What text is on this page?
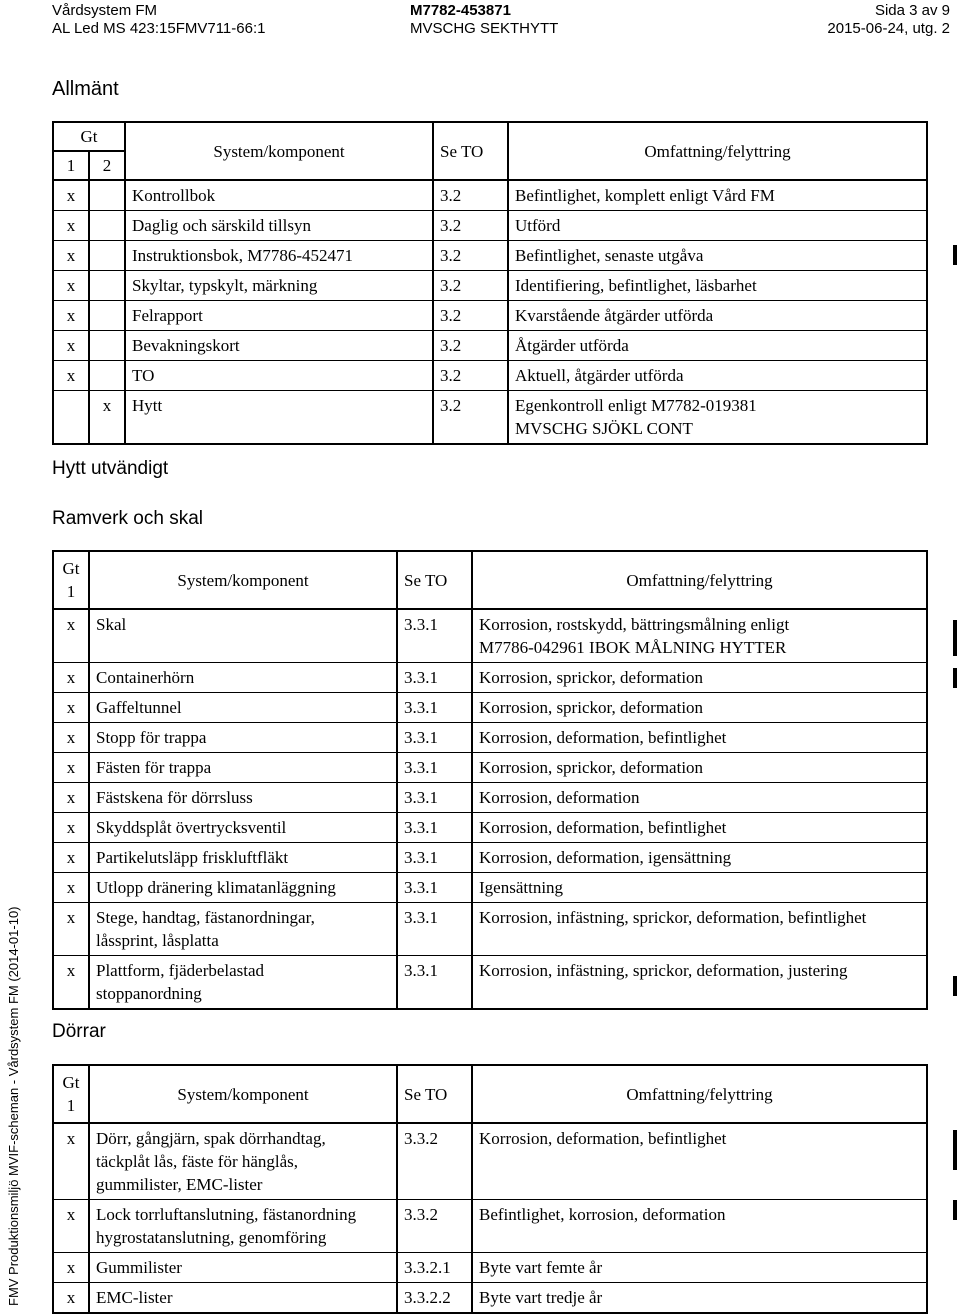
Vårdsystem FM
AL Led MS 423:15FMV711-66:1
M7782-453871
MVSCHG SEKTHYTT
Sida 3 av 9
2015-06-24, utg. 2
Allmänt
Gt		System/komponent	Se TO	Omfattning/felyttring
1	2			
x		Kontrollbok	3.2	Befintlighet, komplett enligt Vård FM
x		Daglig och särskild tillsyn	3.2	Utförd
x		Instruktionsbok, M7786-452471	3.2	Befintlighet, senaste utgåva
x		Skyltar, typskylt, märkning	3.2	Identifiering, befintlighet, läsbarhet
x		Felrapport	3.2	Kvarstående åtgärder utförda
x		Bevakningskort	3.2	Åtgärder utförda
x		TO	3.2	Aktuell, åtgärder utförda
	x	Hytt	3.2	Egenkontroll enligt M7782-019381
MVSCHG SJÖKL CONT
Hytt utvändigt
Ramverk och skal
Gt
1	System/komponent	Se TO	Omfattning/felyttring
x	Skal	3.3.1	Korrosion, rostskydd, bättringsmålning enligt
M7786-042961 IBOK MÅLNING HYTTER

x	Containerhörn	3.3.1	Korrosion, sprickor, deformation
x	Gaffeltunnel	3.3.1	Korrosion, sprickor, deformation
x	Stopp för trappa	3.3.1	Korrosion, deformation, befintlighet
x	Fästen för trappa	3.3.1	Korrosion, sprickor, deformation
x	Fästskena för dörrsluss	3.3.1	Korrosion, deformation
x	Skyddsplåt övertrycksventil	3.3.1	Korrosion, deformation, befintlighet
x	Partikelutsläpp friskluftfläkt	3.3.1	Korrosion, deformation, igensättning
x	Utlopp dränering klimatanläggning	3.3.1	Igensättning
x	Stege, handtag, fästanordningar,
låssprint, låsplatta	3.3.1	Korrosion, infästning, sprickor, deformation, befintlighet
x	Plattform, fjäderbelastad
stoppanordning	3.3.1	Korrosion, infästning, sprickor, deformation, justering
Dörrar
Gt
1	System/komponent	Se TO	Omfattning/felyttring
x	Dörr, gångjärn, spak dörrhandtag,
täckplåt lås, fäste för hänglås,
gummilister, EMC-lister	3.3.2	Korrosion, deformation, befintlighet
x	Lock torrluftanslutning, fästanordning
hygrostatanslutning, genomföring	3.3.2	Befintlighet, korrosion, deformation
x	Gummilister	3.3.2.1	Byte vart femte år
x	EMC-lister	3.3.2.2	Byte vart tredje år
FMV Produktionsmiljö MVIF-scheman - Vårdsystem FM (2014-01-10)
